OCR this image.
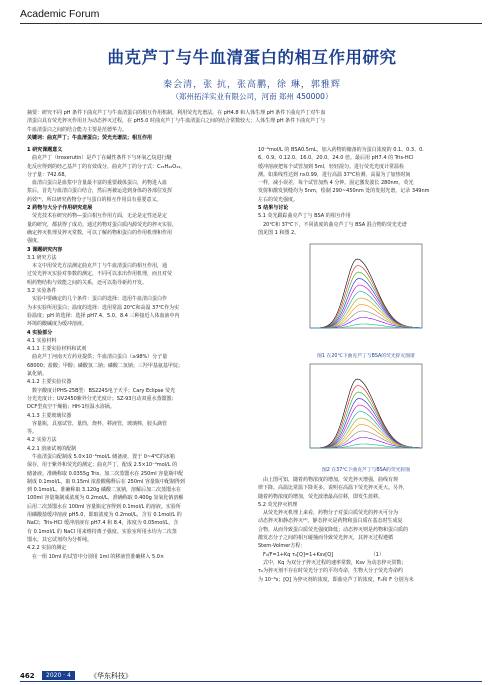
Academic Forum
曲克芦丁与牛血清蛋白的相互作用研究
秦会清，张 抗，张高鹏，徐 琳，郭雅辉
（郑州拓洋实业有限公司，河南 郑州 450000）
摘要：研究不同 pH 条件下曲克芦丁与牛血清蛋白的相互作用机制，利用荧光光谱法，在 pH4.8 和人体生理 pH 条件下曲克芦丁对牛血
清蛋白具有荧光猝灭作用且为动态猝灭过程，在 pH5.0 时曲克芦丁与牛血清蛋白之间的结合常数较大；人体生理 pH 条件下曲克芦丁与
牛血清蛋白之间的结合能力主要是范德华力。
关键词：曲克芦丁；牛血清蛋白；荧光光谱法；相互作用

1 研究课题意义

　曲克芦丁（troxerutin）是芦丁在碱性条件下与环氧乙烷进行醚

化反应得到的经乙基芦丁的有效成分，曲克芦丁的分子式：C₃₃H₄₂O₁₉，

分子量：742.68。

　血清白蛋白是血浆中含量最丰富的重要载体蛋白，药物进入血

浆后，首先与血清白蛋白结合，然后再被运送到身体的各部位发挥

药效⁽¹⁾，所以研究药物分子与蛋白的相互作用具有重要意义。

2 药物与大分子作用研究进展

　荧光技术在研究药物—蛋白相互作用方面，无论是定性还是定

量的研究，都获得了成功。通过药物对蛋白质内源荧光的猝灭实验，

确定猝灭机理及猝灭常数，可以了解药物和蛋白的作用机理和作用

强度。

3 课题研究内容

3.1 研究方法

　本文中用荧光方法测定曲克芦丁与牛血清蛋白的相互作用，通

过荧光猝灭实验对参数的测定，不同可以求出作用机理，而且对荧

明药物结构与效能之间的关系，还可以指导新药开发。

3.2 实验条件

　实验中要确定的几个条件：蛋白的选择：选用牛血清白蛋白作

为本实验所用蛋白；温度的选择：选用常温 20℃和高温 37℃作为实

验温度；pH 的选择：选择 pH7.4、5.0、8.4 三种接近人体血液中内

环境的酸碱度为缓冲溶液。

4 实验部分

4.1 实验材料

4.1.1 主要实验材料和试剂

　曲克芦丁河南天方药业提供；牛血清白蛋白（≥98%）分子量

68000；盐酸；甲醇；磷酸氢二钠；磷酸二氢钠；三羟甲基氨基甲烷；

氯化钠。

4.1.2 主要实验仪器

　数字酸度计PHS-25B型：BS224S电子天平；Cary Eclipse 荧光

分光光度计；UV2450紫外分光光度计；SZ-93自动双重水蒸馏器；

DCF型真空干燥箱；HH-1恒温水浴锅。

4.1.3 主要玻璃仪器

　容量瓶，具塞试管，量筒，烧杯，移液管，玻璃棒，胶头滴管

等。

4.2 实验方法

4.2.1 溶液试剂的配制

　牛血清蛋白配制成 5.0×10⁻⁶mol/L 储备液，置于 0~4℃的冰箱

保存，用于紫外和荧光的测定；曲克芦丁，配成 2.5×10⁻⁴mol/L 的

储备液。准确称取 0.0355g Tris，加二次蒸馏水在 250ml 容量瓶中配

制成 0.1mol/L，取 0.15ml 浓盐酸稀释后在 250ml 容量瓶中配制得到

到 0.1mol/L。准确称取 3.120g 磷酸二氢钠，溶解后加二次蒸馏水在

100ml 容量瓶制成浓度为 0.2mol/L，准确称取 0.400g 氢氧化钠溶解

后用二次蒸馏水在 100ml 容量瓶定容得到 0.1mol/L 的溶液。实验所

用磷酸盐缓冲溶液 pH5.0，即取浓度为 0.2mol/L，含有 0.1mol/L 的

NaCl；Tris-HCl 缓冲溶液有 pH7.4 和 8.4，浓度为 0.05mol/L，含

有 0.1mol/L 的 NaCl 用来维持离子强度。实验室所用水均为二次蒸

馏水，其它试剂均为分析纯。

4.2.2 实验的测定

　在一组 10ml 的试管中分别用 1ml 的移液管准确移入 5.0×

10⁻⁶mol/L 的 BSA0.5mL，加入药物的储备的为蛋白浓度的 0.1、0.3、0.

6、0.9、0.12.0、16.0、20.0、24.0 倍。最后用 pH7.4 的 Tris-HCl

缓冲溶液把每个试管加到 5ml，轻轻混匀。进行荧光光度计常温检

测。如果线性达到 r≥0.99，进行高温 37℃检测，高温为了加热时间

一样，减小误差，每个试管加热 4 分钟。固定激发波长 280nm，荧光

发射和激发狭缝均为 5nm，绘制 290~450nm 处的发射光谱，记录 349nm

左右的荧光强度。

5 结果与讨论

5.1 荧光跟踪曲克芦丁与 BSA 的相互作用

　20℃和 37℃下，不同浓度的曲克芦丁与 BSA 混合物的荧光光谱

图见图 1 和图 2。

图1 在20℃下曲克芦丁与BSA的荧光猝灭图谱
图2 在37℃下曲克芦丁与BSA的荧光猝图

　由上图可知，随着药物浓度的增加，荧光猝灭增强，曲线有规

律下降。高温比常温下降更多。说明在高温下荧光猝灭更大。另外，

随着药物浓度的增加，荧光波谱最高位移，即发生蓝移。

5.2 荧光猝灭机理

　从荧光猝灭机理上来看，药物分子对蛋白质荧光的猝灭可分为

动态猝灭和静态猝灭⁽²⁾。静态猝灭是药物和蛋白质在基态时生成复

合物，从而导致蛋白质荧光强度降低；动态猝灭则是药物和蛋白质的

激发态分子之间的相互碰撞而导致荧光猝灭，其猝灭过程遵循

Stern-Volmer方程：

　F₀/F=1+Kq τ₀[Q]=1+Ksv[Q]　　　　　　　　（1）

　式中，Kq 为双分子猝灭过程的速率常数，Ksv 为动态猝灭常数；

τ₀为猝灭剂不存在时荧光分子的平均寿命，生物大分子荧光寿命约

为 10⁻⁸s；[Q] 为猝灭剂的浓度，即曲克芦丁的浓度，F₀和 F 分别为未

462	2020 · 4	《华东科技》
